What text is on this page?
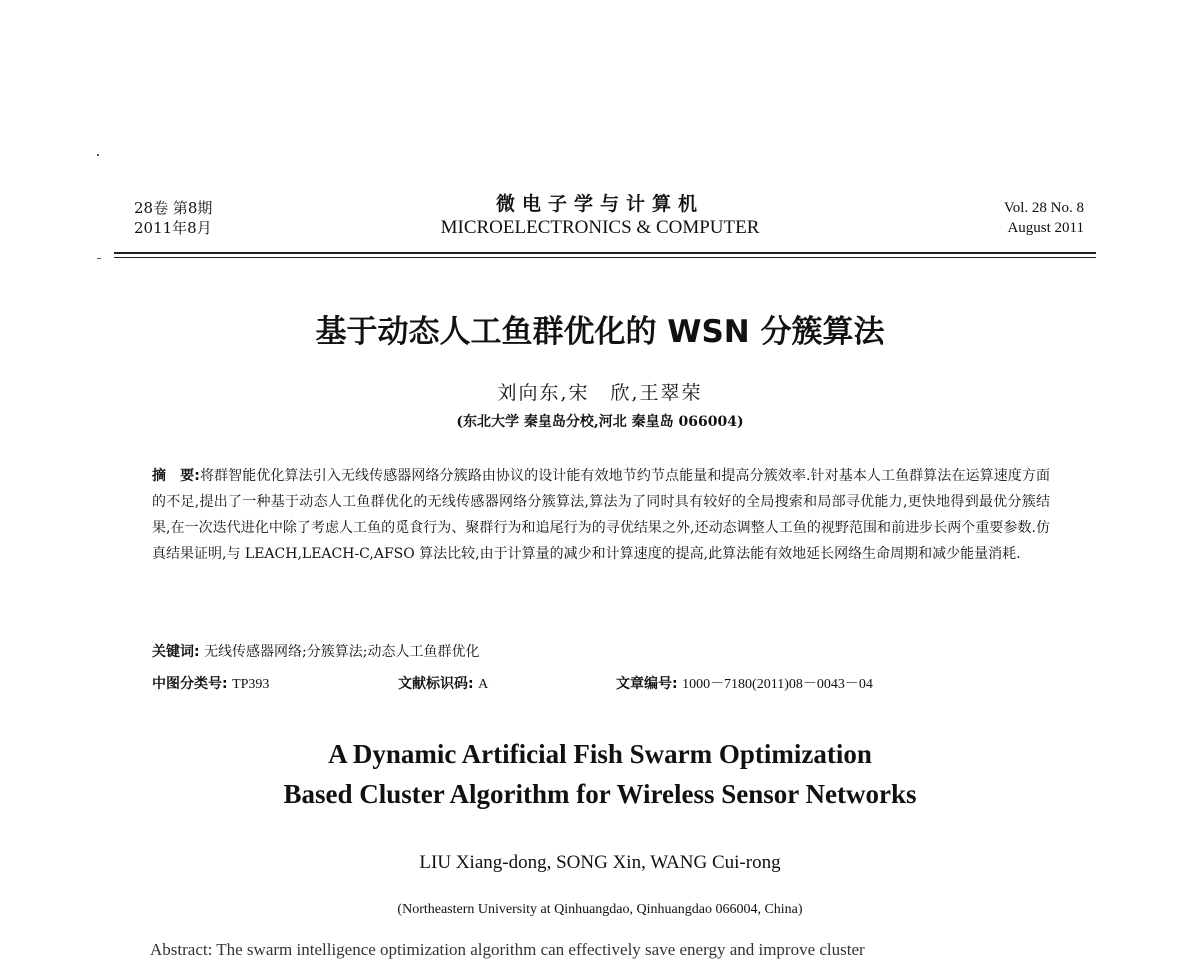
28卷 第8期
2011年8月
微电子学与计算机
MICROELECTRONICS & COMPUTER
Vol. 28 No. 8
August 2011
基于动态人工鱼群优化的 WSN 分簇算法
刘向东,宋　欣,王翠荣
(东北大学 秦皇岛分校,河北 秦皇岛 066004)
摘　要:将群智能优化算法引入无线传感器网络分簇路由协议的设计能有效地节约节点能量和提高分簇效率.针对基本人工鱼群算法在运算速度方面的不足,提出了一种基于动态人工鱼群优化的无线传感器网络分簇算法,算法为了同时具有较好的全局搜索和局部寻优能力,更快地得到最优分簇结果,在一次迭代进化中除了考虑人工鱼的觅食行为、聚群行为和追尾行为的寻优结果之外,还动态调整人工鱼的视野范围和前进步长两个重要参数.仿真结果证明,与 LEACH,LEACH-C,AFSO 算法比较,由于计算量的减少和计算速度的提高,此算法能有效地延长网络生命周期和减少能量消耗.
关键词: 无线传感器网络;分簇算法;动态人工鱼群优化
中图分类号: TP393	文献标识码: A	文章编号: 1000－7180(2011)08－0043－04
A Dynamic Artificial Fish Swarm Optimization
Based Cluster Algorithm for Wireless Sensor Networks
LIU Xiang-dong, SONG Xin, WANG Cui-rong
(Northeastern University at Qinhuangdao, Qinhuangdao 066004, China)
Abstract: The swarm intelligence optimization algorithm can effectively save energy and improve cluster
